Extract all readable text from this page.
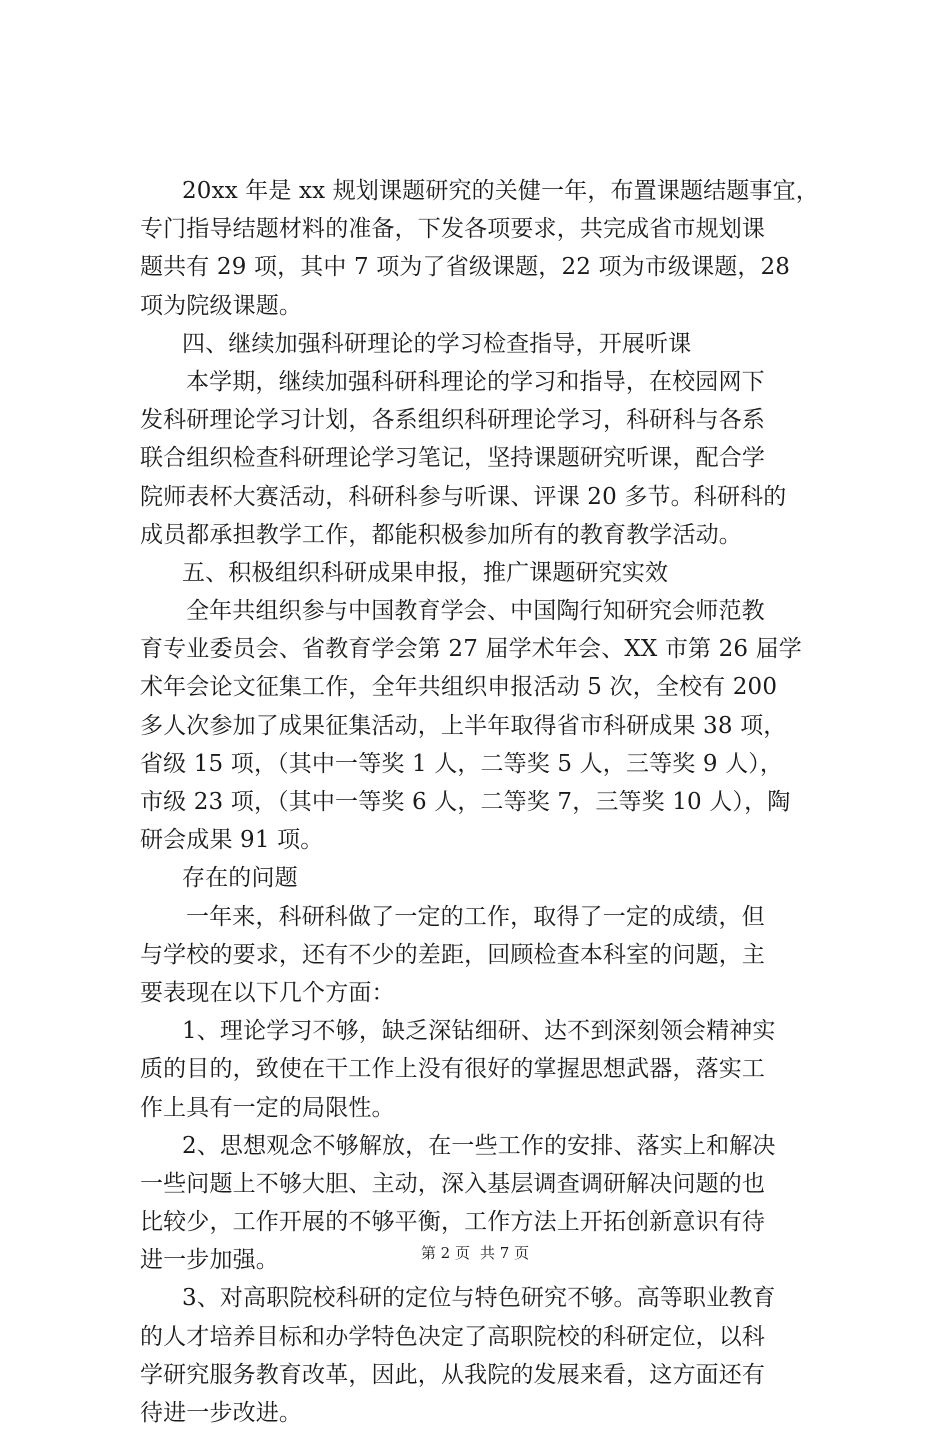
20xx 年是 xx 规划课题研究的关健一年，布置课题结题事宜，
专门指导结题材料的准备，下发各项要求，共完成省市规划课
题共有 29 项，其中 7 项为了省级课题，22 项为市级课题，28
项为院级课题。
四、继续加强科研理论的学习检查指导，开展听课
本学期，继续加强科研科理论的学习和指导，在校园网下
发科研理论学习计划，各系组织科研理论学习，科研科与各系
联合组织检查科研理论学习笔记，坚持课题研究听课，配合学
院师表杯大赛活动，科研科参与听课、评课 20 多节。科研科的
成员都承担教学工作，都能积极参加所有的教育教学活动。
五、积极组织科研成果申报，推广课题研究实效
全年共组织参与中国教育学会、中国陶行知研究会师范教
育专业委员会、省教育学会第 27 届学术年会、XX 市第 26 届学
术年会论文征集工作，全年共组织申报活动 5 次，全校有 200
多人次参加了成果征集活动，上半年取得省市科研成果 38 项，
省级 15 项，（其中一等奖 1 人，二等奖 5 人，三等奖 9 人），
市级 23 项，（其中一等奖 6 人，二等奖 7，三等奖 10 人），陶
研会成果 91 项。
存在的问题
一年来，科研科做了一定的工作，取得了一定的成绩，但
与学校的要求，还有不少的差距，回顾检查本科室的问题，主
要表现在以下几个方面：
1、理论学习不够，缺乏深钻细研、达不到深刻领会精神实
质的目的，致使在干工作上没有很好的掌握思想武器，落实工
作上具有一定的局限性。
2、思想观念不够解放，在一些工作的安排、落实上和解决
一些问题上不够大胆、主动，深入基层调查调研解决问题的也
比较少，工作开展的不够平衡，工作方法上开拓创新意识有待
进一步加强。
3、对高职院校科研的定位与特色研究不够。高等职业教育
的人才培养目标和办学特色决定了高职院校的科研定位，以科
学研究服务教育改革，因此，从我院的发展来看，这方面还有
待进一步改进。
第 2 页 共 7 页
